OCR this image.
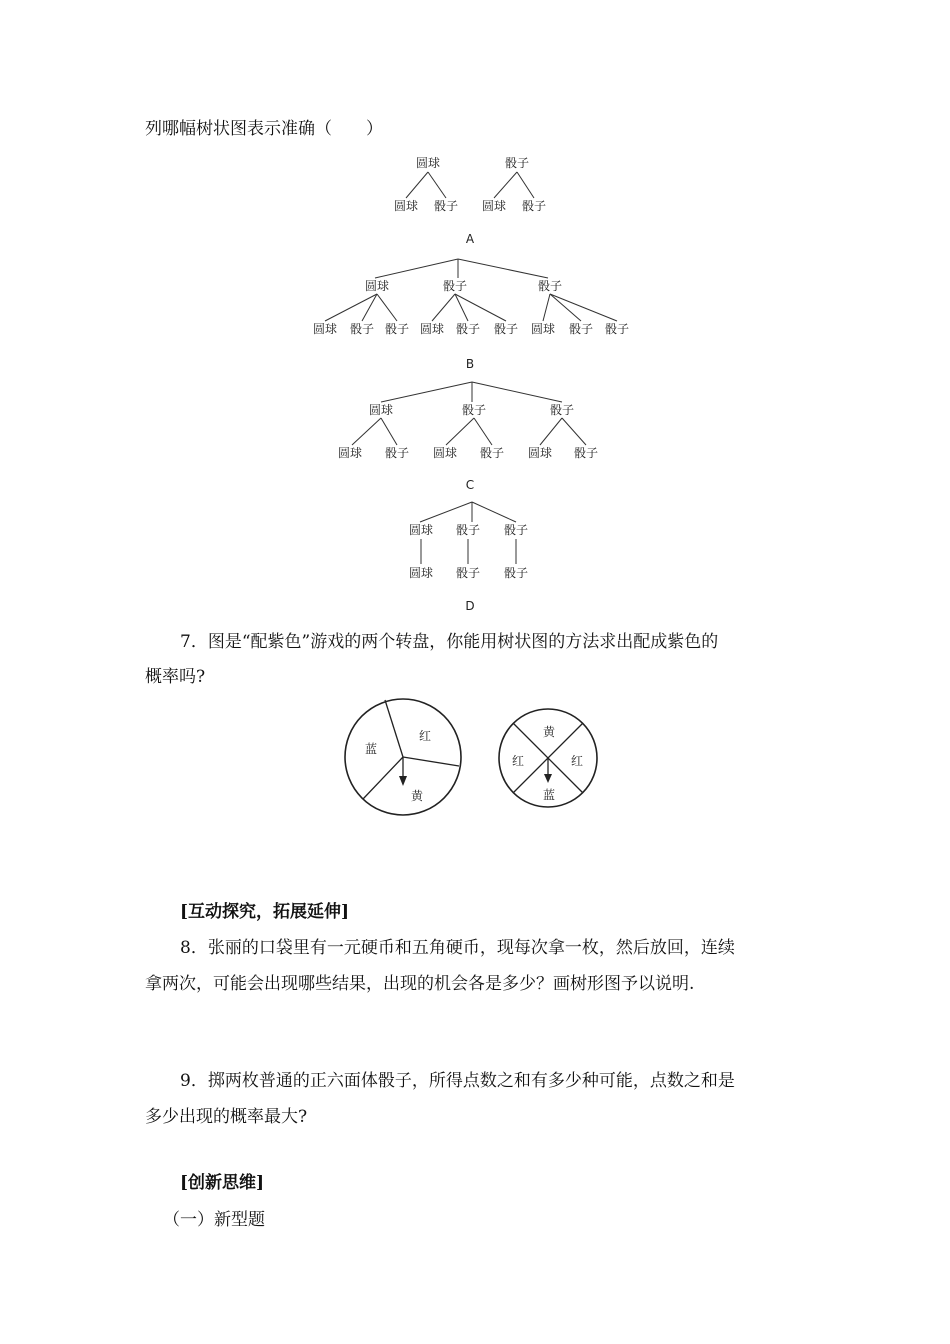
列哪幅树状图表示准确（　　）
圆球	骰子
圆球 骰子 圆球 骰子
A
圆球	骰子	骰子
圆球 骰子 骰子 圆球 骰子 骰子 圆球 骰子 骰子
B
圆球	骰子	骰子
圆球 骰子 圆球 骰子 圆球 骰子
C
圆球 骰子 骰子
圆球 骰子 骰子
D
蓝
红
黄
黄
红	红
蓝
7．图是“配紫色”游戏的两个转盘，你能用树状图的方法求出配成紫色的
概率吗?
[互动探究，拓展延伸]
8．张丽的口袋里有一元硬币和五角硬币，现每次拿一枚，然后放回，连续
拿两次，可能会出现哪些结果，出现的机会各是多少？画树形图予以说明.
9．掷两枚普通的正六面体骰子，所得点数之和有多少种可能，点数之和是
多少出现的概率最大?
[创新思维]
（一）新型题
